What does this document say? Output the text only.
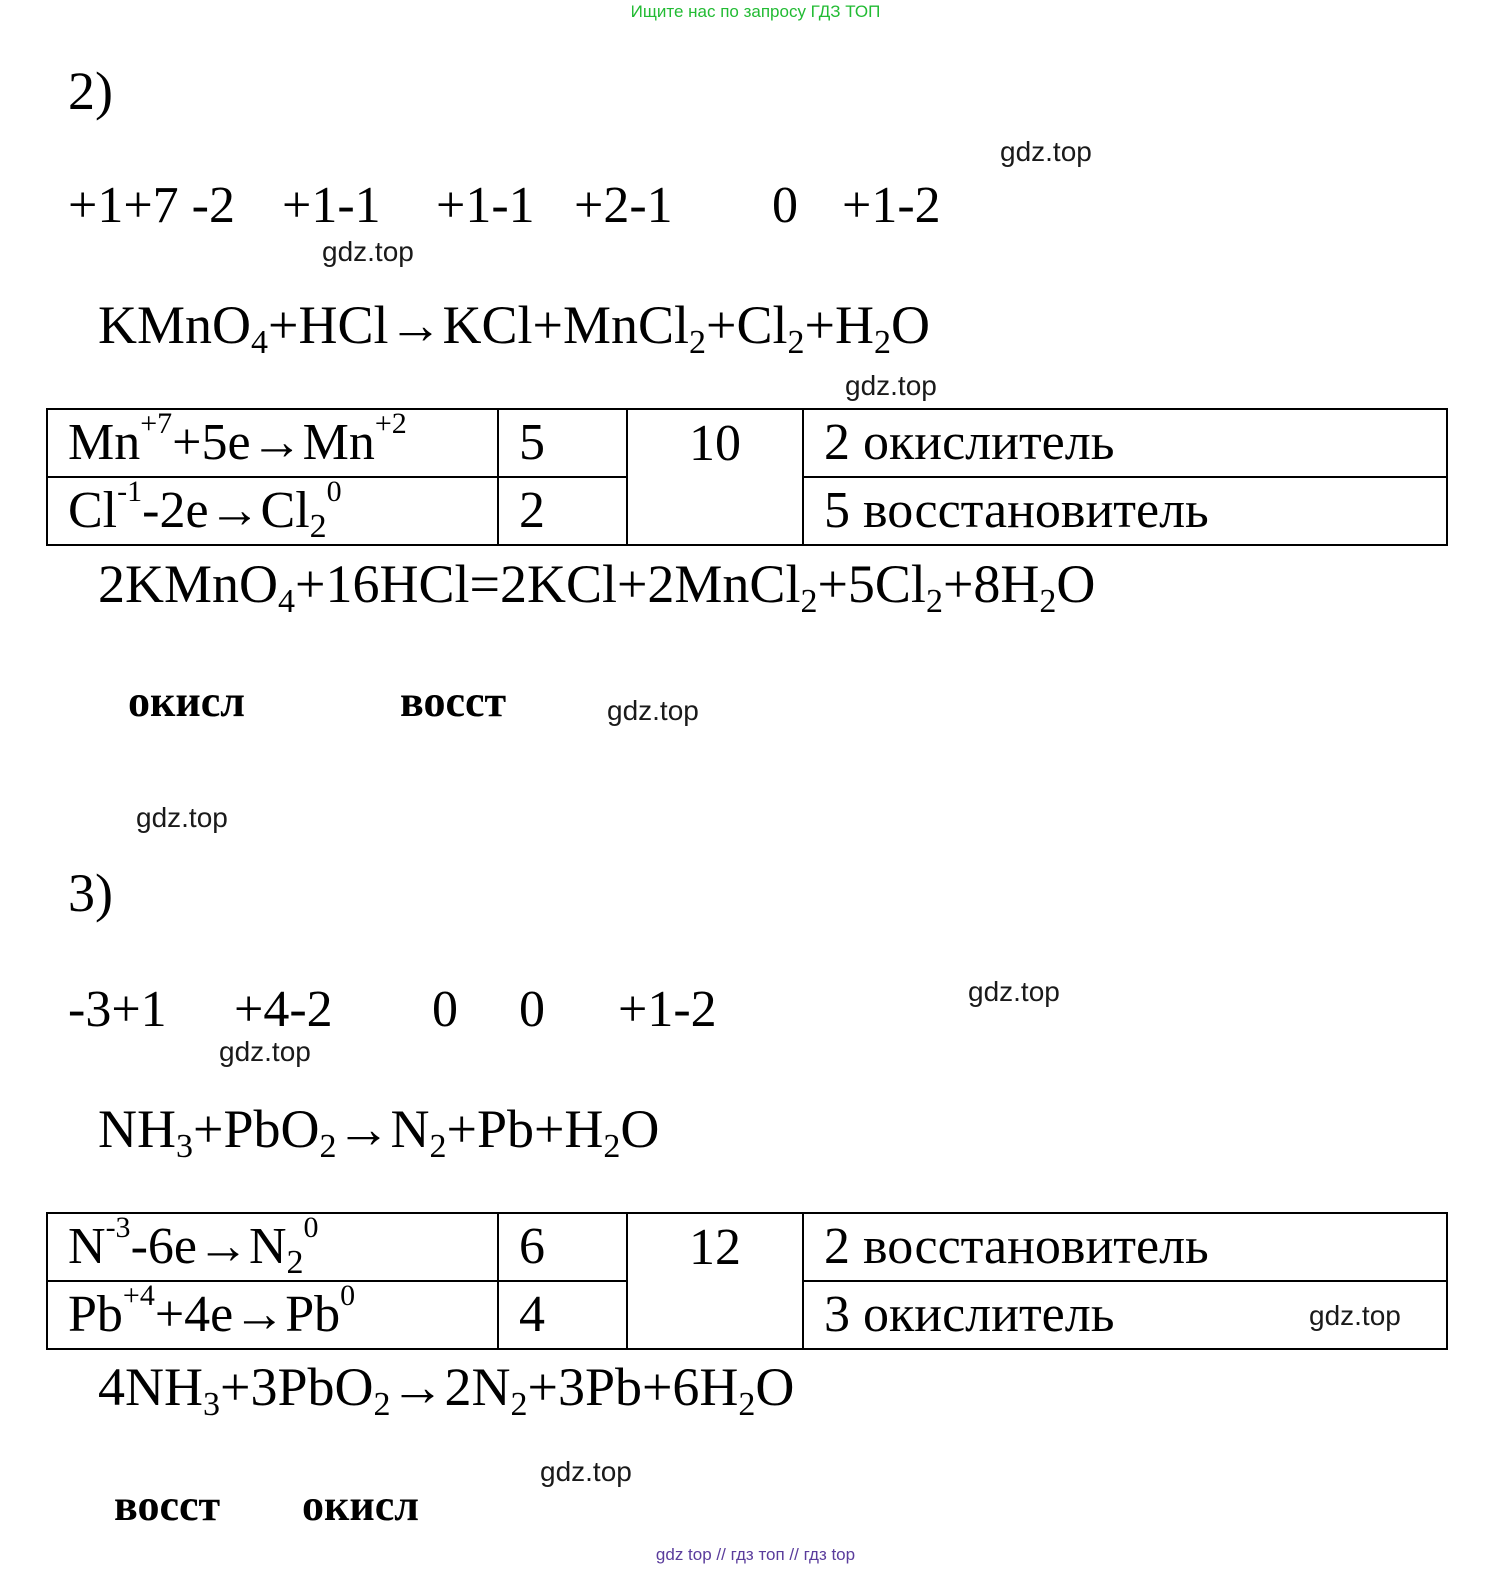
Ищите нас по запросу ГДЗ ТОП
2)
gdz.top
+1+7 -2 +1-1 +1-1 +2-1 0 +1-2
gdz.top
$KMnO_4+HCl\to KCl+MnCl_2+Cl_2+H_2O$
gdz.top
$Mn^{+7}+5e\to Mn^{+2}$	5	10	2 окислитель
$Cl^{-1}-2e\to Cl_2^0$	2		5 восстановитель
$2KMnO_4+16HCl=2KCl+2MnCl_2+5Cl_2+8H_2O$
окисл	восст	gdz.top
gdz.top
3)
gdz.top
-3+1 +4-2 0 0 +1-2
gdz.top
$NH_3+PbO_2\to N_2+Pb+H_2O$
$N^{-3}-6e\to N_2^0$	6	12	2 восстановитель
$Pb^{+4}+4e\to Pb^0$	4		3 окислитель	gdz.top
$4NH_3+3PbO_2\to 2N_2+3Pb+6H_2O$
gdz.top
восст окисл
gdz top // гдз топ // гдз top
